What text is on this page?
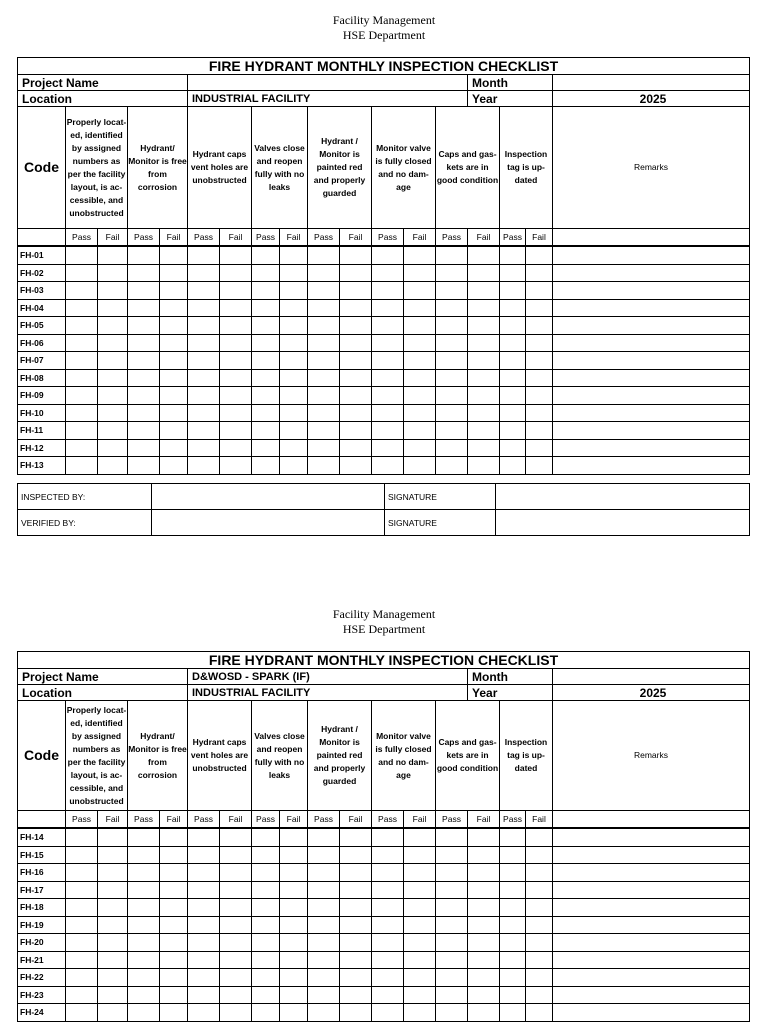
Facility Management
HSE Department
FIRE HYDRANT MONTHLY INSPECTION CHECKLIST																	
Project Name														Month			
Location					INDUSTRIAL FACILITY									Year			2025
Code	Properly locat- ed, identified by assigned numbers as per the facility layout, is ac- cessible, and unobstructed		Hydrant/ Monitor is free from corrosion		Hydrant caps vent holes are unobstructed		Valves close and reopen fully with no leaks		Hydrant / Monitor is painted red and properly guarded		Monitor valve is fully closed and no dam- age		Caps and gas- kets are in good condition		Inspection tag is up- dated		Remarks
	Pass	Fail	Pass	Fail	Pass	Fail	Pass	Fail	Pass	Fail	Pass	Fail	Pass	Fail	Pass	Fail	
FH-01																	
FH-02																	
FH-03																	
FH-04																	
FH-05																	
FH-06																	
FH-07																	
FH-08																	
FH-09																	
FH-10																	
FH-11																	
FH-12																	
FH-13																	
INSPECTED BY:		SIGNATURE	
VERIFIED BY:		SIGNATURE	
Facility Management
HSE Department
FIRE HYDRANT MONTHLY INSPECTION CHECKLIST																	
Project Name					D&WOSD - SPARK (IF)									Month			
Location					INDUSTRIAL FACILITY									Year			2025
Code	Properly locat- ed, identified by assigned numbers as per the facility layout, is ac- cessible, and unobstructed		Hydrant/ Monitor is free from corrosion		Hydrant caps vent holes are unobstructed		Valves close and reopen fully with no leaks		Hydrant / Monitor is painted red and properly guarded		Monitor valve is fully closed and no dam- age		Caps and gas- kets are in good condition		Inspection tag is up- dated		Remarks
	Pass	Fail	Pass	Fail	Pass	Fail	Pass	Fail	Pass	Fail	Pass	Fail	Pass	Fail	Pass	Fail	
FH-14																	
FH-15																	
FH-16																	
FH-17																	
FH-18																	
FH-19																	
FH-20																	
FH-21																	
FH-22																	
FH-23																	
FH-24																	
